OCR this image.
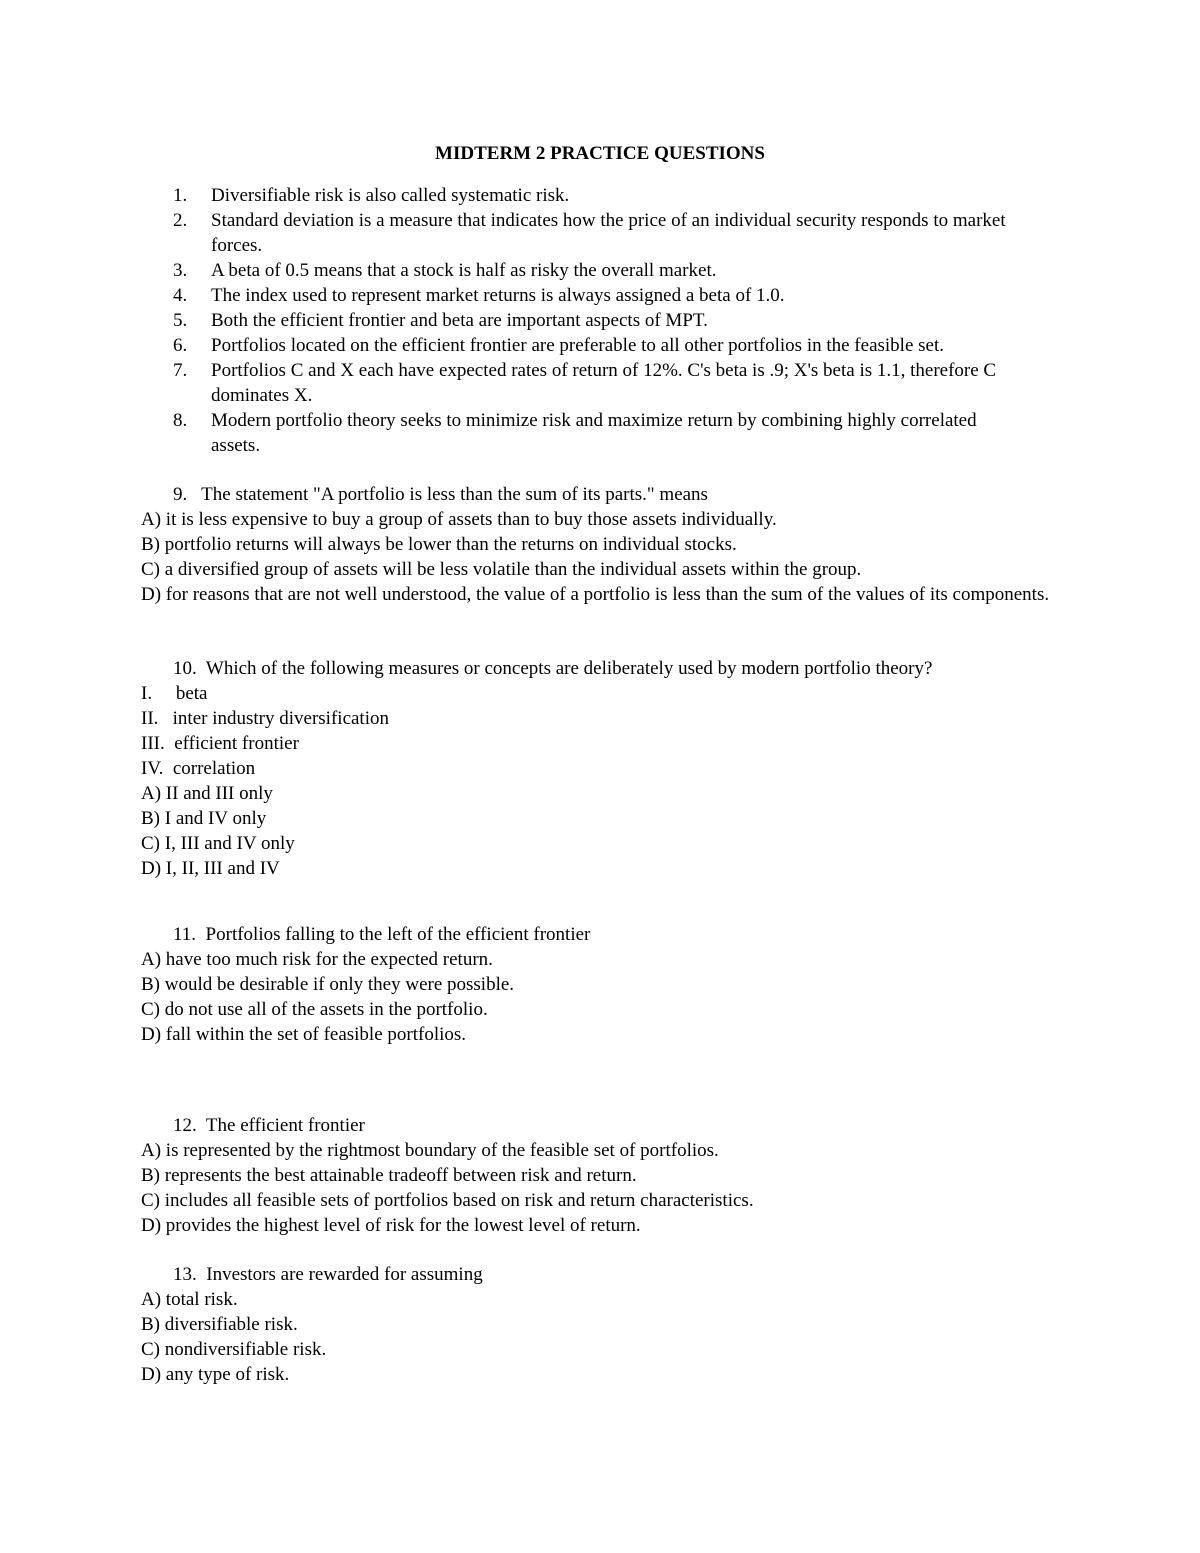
MIDTERM 2 PRACTICE QUESTIONS
1.	Diversifiable risk is also called systematic risk.
2.	Standard deviation is a measure that indicates how the price of an individual security responds to market forces.
3.	A beta of 0.5 means that a stock is half as risky the overall market.
4.	The index used to represent market returns is always assigned a beta of 1.0.
5.	Both the efficient frontier and beta are important aspects of MPT.
6.	Portfolios located on the efficient frontier are preferable to all other portfolios in the feasible set.
7.	Portfolios C and X each have expected rates of return of 12%. C's beta is .9; X's beta is 1.1, therefore C dominates X.
8.	Modern portfolio theory seeks to minimize risk and maximize return by combining highly correlated assets.
9.   The statement "A portfolio is less than the sum of its parts." means
A) it is less expensive to buy a group of assets than to buy those assets individually.
B) portfolio returns will always be lower than the returns on individual stocks.
C) a diversified group of assets will be less volatile than the individual assets within the group.
D) for reasons that are not well understood, the value of a portfolio is less than the sum of the values of its components.
10.  Which of the following measures or concepts are deliberately used by modern portfolio theory?
I.     beta
II.   inter industry diversification
III.  efficient frontier
IV.  correlation
A) II and III only
B) I and IV only
C) I, III and IV only
D) I, II, III and IV
11.  Portfolios falling to the left of the efficient frontier
A) have too much risk for the expected return.
B) would be desirable if only they were possible.
C) do not use all of the assets in the portfolio.
D) fall within the set of feasible portfolios.
12.  The efficient frontier
A) is represented by the rightmost boundary of the feasible set of portfolios.
B) represents the best attainable tradeoff between risk and return.
C) includes all feasible sets of portfolios based on risk and return characteristics.
D) provides the highest level of risk for the lowest level of return.
13.  Investors are rewarded for assuming
A) total risk.
B) diversifiable risk.
C) nondiversifiable risk.
D) any type of risk.
